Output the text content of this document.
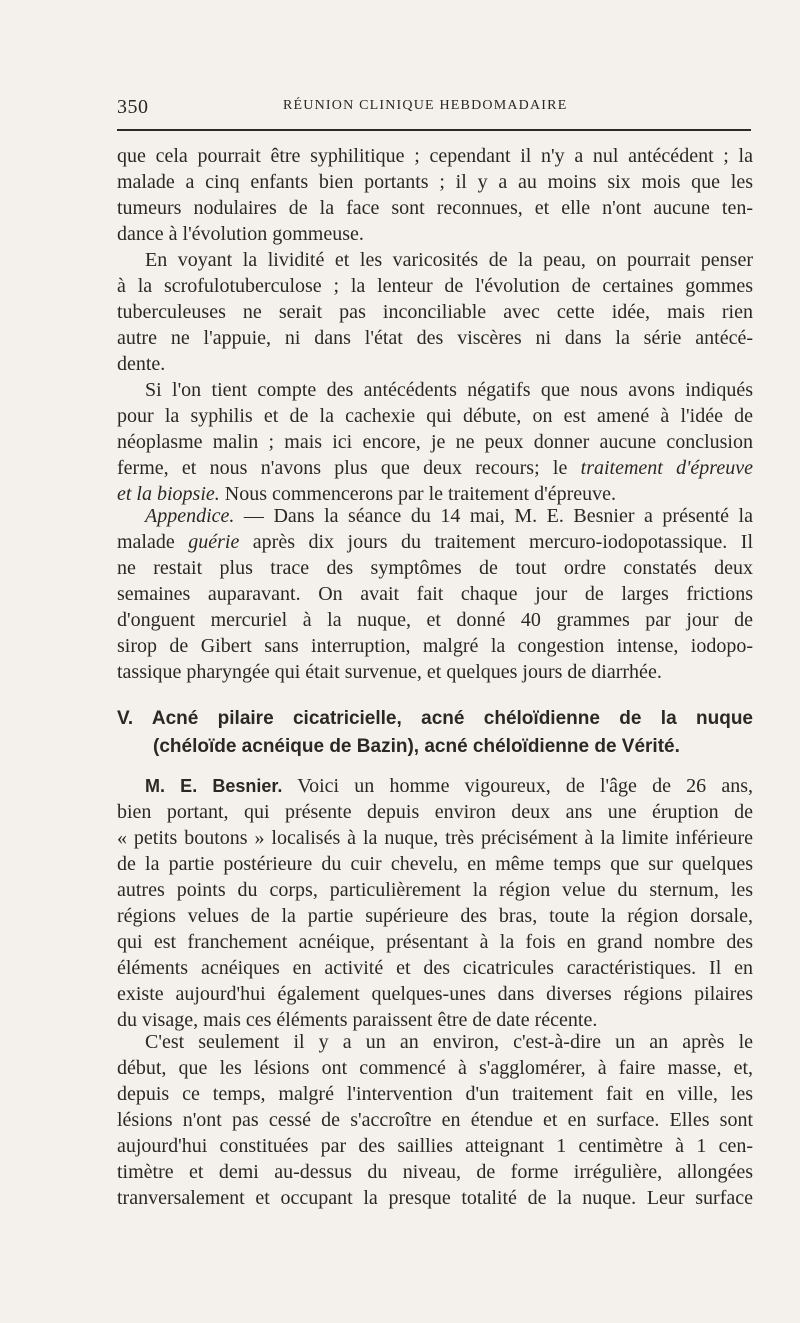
350	RÉUNION CLINIQUE HEBDOMADAIRE
que cela pourrait être syphilitique ; cependant il n'y a nul antécédent ; la
malade a cinq enfants bien portants ; il y a au moins six mois que les
tumeurs nodulaires de la face sont reconnues, et elle n'ont aucune ten-
dance à l'évolution gommeuse.
En voyant la lividité et les varicosités de la peau, on pourrait penser
à la scrofulotuberculose ; la lenteur de l'évolution de certaines gommes
tuberculeuses ne serait pas inconciliable avec cette idée, mais rien
autre ne l'appuie, ni dans l'état des viscères ni dans la série antécé-
dente.
Si l'on tient compte des antécédents négatifs que nous avons indiqués
pour la syphilis et de la cachexie qui débute, on est amené à l'idée de
néoplasme malin ; mais ici encore, je ne peux donner aucune conclusion
ferme, et nous n'avons plus que deux recours; le traitement d'épreuve
et la biopsie. Nous commencerons par le traitement d'épreuve.
Appendice. — Dans la séance du 14 mai, M. E. Besnier a présenté la
malade guérie après dix jours du traitement mercuro-iodopotassique. Il
ne restait plus trace des symptômes de tout ordre constatés deux
semaines auparavant. On avait fait chaque jour de larges frictions
d'onguent mercuriel à la nuque, et donné 40 grammes par jour de
sirop de Gibert sans interruption, malgré la congestion intense, iodopo-
tassique pharyngée qui était survenue, et quelques jours de diarrhée.
V. Acné pilaire cicatricielle, acné chéloïdienne de la nuque
(chéloïde acnéique de Bazin), acné chéloïdienne de Vérité.
M. E. Besnier. Voici un homme vigoureux, de l'âge de 26 ans,
bien portant, qui présente depuis environ deux ans une éruption de
« petits boutons » localisés à la nuque, très précisément à la limite inférieure
de la partie postérieure du cuir chevelu, en même temps que sur quelques
autres points du corps, particulièrement la région velue du sternum, les
régions velues de la partie supérieure des bras, toute la région dorsale,
qui est franchement acnéique, présentant à la fois en grand nombre des
éléments acnéiques en activité et des cicatricules caractéristiques. Il en
existe aujourd'hui également quelques-unes dans diverses régions pilaires
du visage, mais ces éléments paraissent être de date récente.
C'est seulement il y a un an environ, c'est-à-dire un an après le
début, que les lésions ont commencé à s'agglomérer, à faire masse, et,
depuis ce temps, malgré l'intervention d'un traitement fait en ville, les
lésions n'ont pas cessé de s'accroître en étendue et en surface. Elles sont
aujourd'hui constituées par des saillies atteignant 1 centimètre à 1 cen-
timètre et demi au-dessus du niveau, de forme irrégulière, allongées
tranversalement et occupant la presque totalité de la nuque. Leur surface
